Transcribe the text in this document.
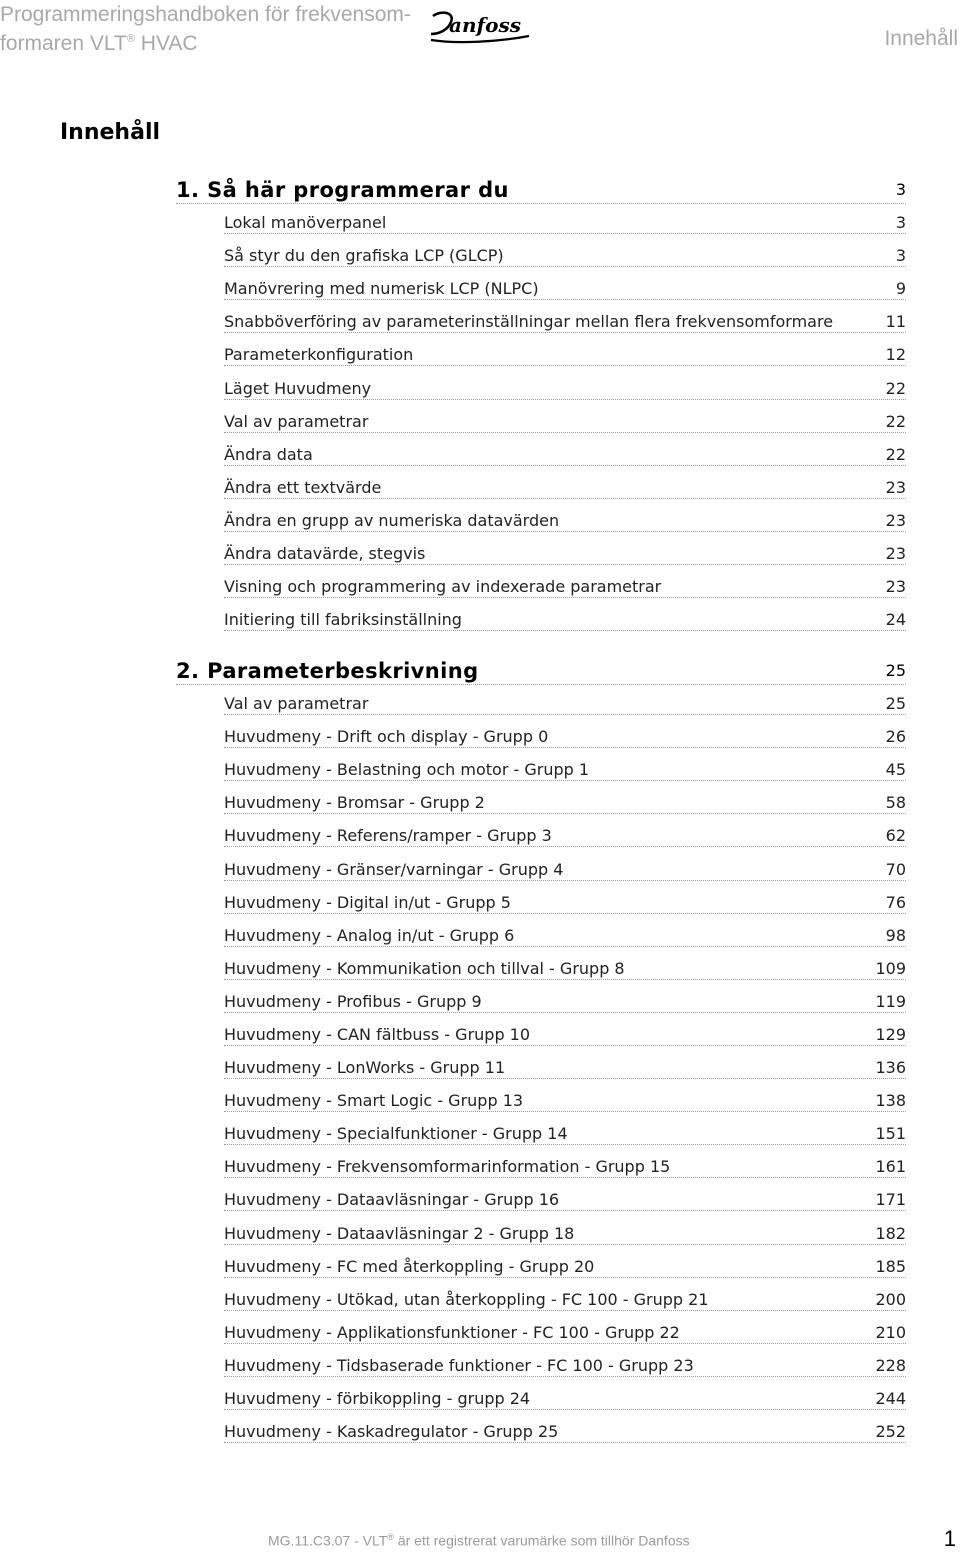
Programmeringshandboken för frekvensom-
formaren VLT® HVAC
anfoss
Innehåll
Innehåll
1. Så här programmerar du	3
Lokal manöverpanel	3
Så styr du den grafiska LCP (GLCP)	3
Manövrering med numerisk LCP (NLPC)	9
Snabböverföring av parameterinställningar mellan flera frekvensomformare	11
Parameterkonfiguration	12
Läget Huvudmeny	22
Val av parametrar	22
Ändra data	22
Ändra ett textvärde	23
Ändra en grupp av numeriska datavärden	23
Ändra datavärde, stegvis	23
Visning och programmering av indexerade parametrar	23
Initiering till fabriksinställning	24
2. Parameterbeskrivning	25
Val av parametrar	25
Huvudmeny - Drift och display - Grupp 0	26
Huvudmeny - Belastning och motor - Grupp 1	45
Huvudmeny - Bromsar - Grupp 2	58
Huvudmeny - Referens/ramper - Grupp 3	62
Huvudmeny - Gränser/varningar - Grupp 4	70
Huvudmeny - Digital in/ut - Grupp 5	76
Huvudmeny - Analog in/ut - Grupp 6	98
Huvudmeny - Kommunikation och tillval - Grupp 8	109
Huvudmeny - Profibus - Grupp 9	119
Huvudmeny - CAN fältbuss - Grupp 10	129
Huvudmeny - LonWorks - Grupp 11	136
Huvudmeny - Smart Logic - Grupp 13	138
Huvudmeny - Specialfunktioner - Grupp 14	151
Huvudmeny - Frekvensomformarinformation - Grupp 15	161
Huvudmeny - Dataavläsningar - Grupp 16	171
Huvudmeny - Dataavläsningar 2 - Grupp 18	182
Huvudmeny - FC med återkoppling - Grupp 20	185
Huvudmeny - Utökad, utan återkoppling - FC 100 - Grupp 21	200
Huvudmeny - Applikationsfunktioner - FC 100 - Grupp 22	210
Huvudmeny - Tidsbaserade funktioner - FC 100 - Grupp 23	228
Huvudmeny - förbikoppling - grupp 24	244
Huvudmeny - Kaskadregulator - Grupp 25	252
MG.11.C3.07 - VLT® är ett registrerat varumärke som tillhör Danfoss	1
